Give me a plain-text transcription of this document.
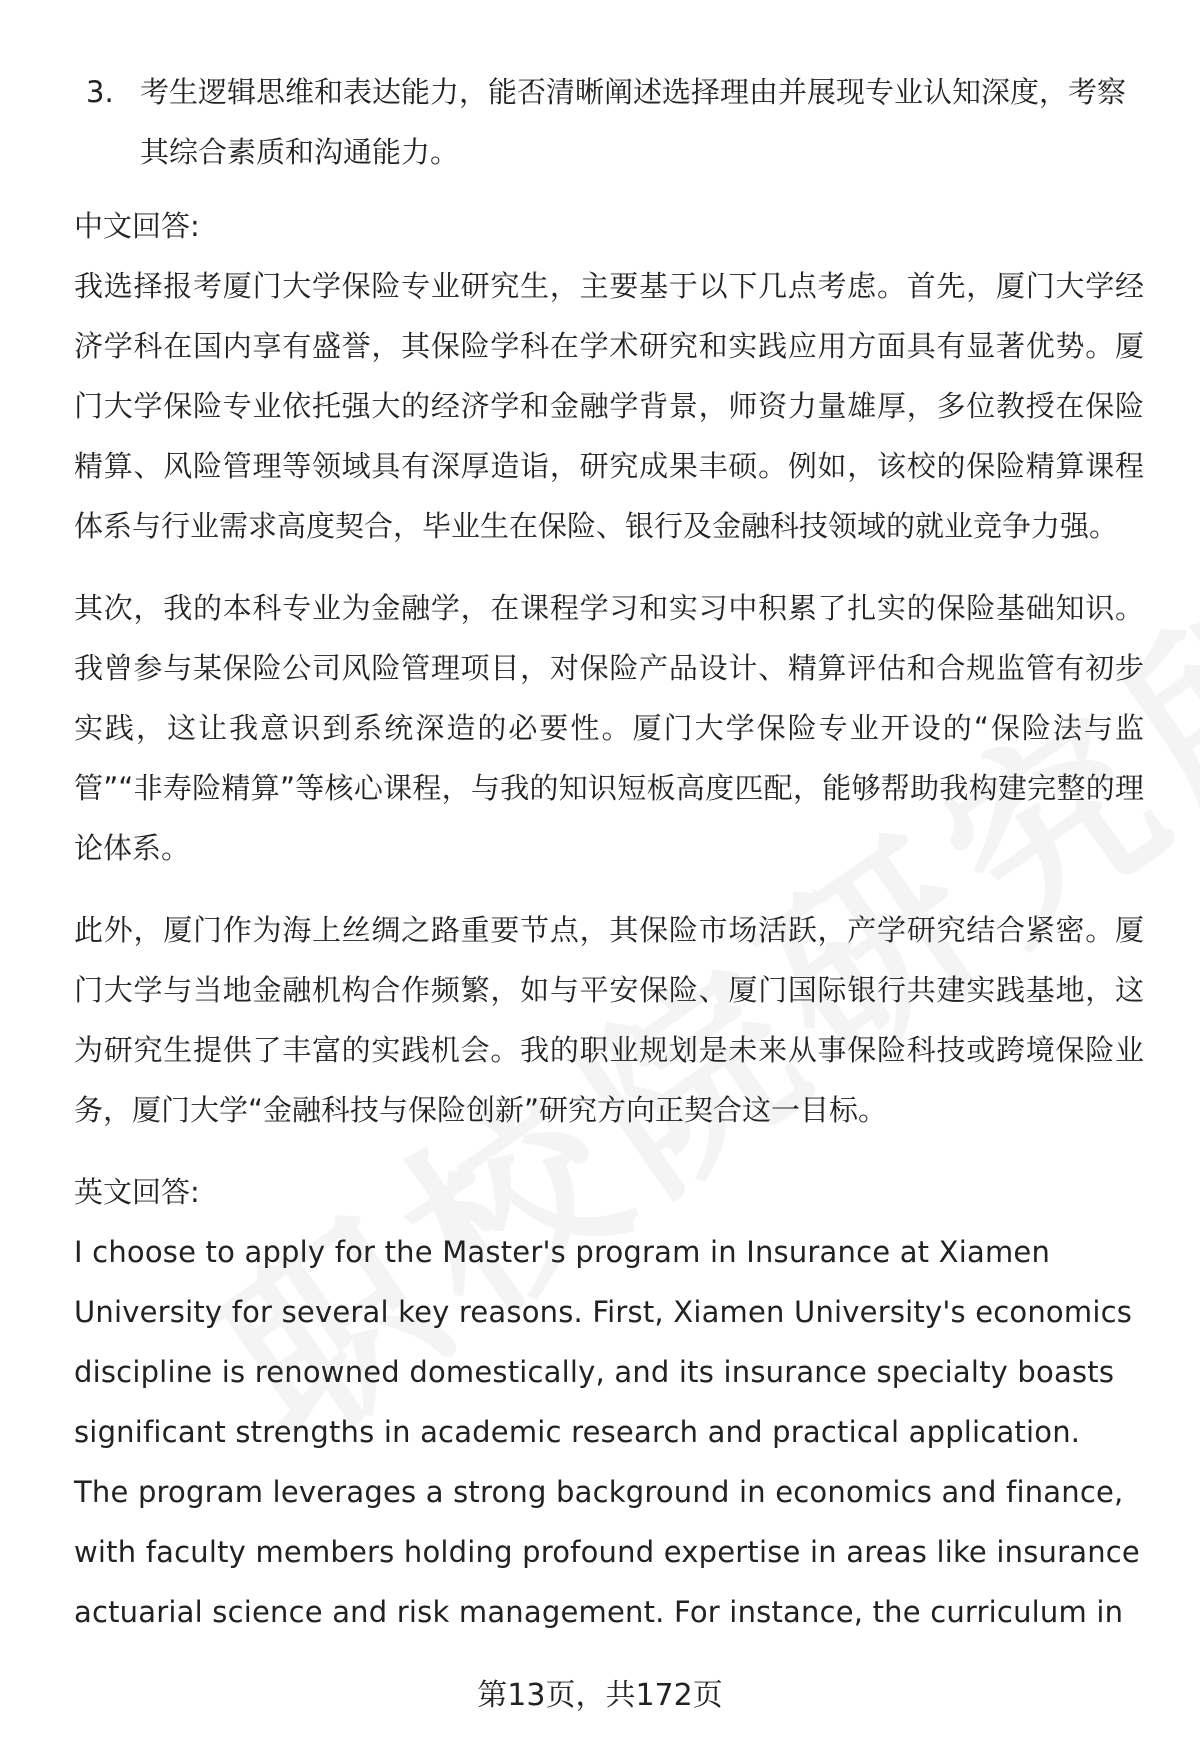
3. 考生逻辑思维和表达能力，能否清晰阐述选择理由并展现专业认知深度，考察其综合素质和沟通能力。
中文回答:

我选择报考厦门大学保险专业研究生，主要基于以下几点考虑。首先，厦门大学经济学科在国内享有盛誉，其保险学科在学术研究和实践应用方面具有显著优势。厦门大学保险专业依托强大的经济学和金融学背景，师资力量雄厚，多位教授在保险精算、风险管理等领域具有深厚造诣，研究成果丰硕。例如，该校的保险精算课程体系与行业需求高度契合，毕业生在保险、银行及金融科技领域的就业竞争力强。

其次，我的本科专业为金融学，在课程学习和实习中积累了扎实的保险基础知识。我曾参与某保险公司风险管理项目，对保险产品设计、精算评估和合规监管有初步实践，这让我意识到系统深造的必要性。厦门大学保险专业开设的“保险法与监管”“非寿险精算”等核心课程，与我的知识短板高度匹配，能够帮助我构建完整的理论体系。

此外，厦门作为海上丝绸之路重要节点，其保险市场活跃，产学研究结合紧密。厦门大学与当地金融机构合作频繁，如与平安保险、厦门国际银行共建实践基地，这为研究生提供了丰富的实践机会。我的职业规划是未来从事保险科技或跨境保险业务，厦门大学“金融科技与保险创新”研究方向正契合这一目标。

英文回答:

I choose to apply for the Master's program in Insurance at Xiamen University for several key reasons. First, Xiamen University's economics discipline is renowned domestically, and its insurance specialty boasts significant strengths in academic research and practical application. The program leverages a strong background in economics and finance, with faculty members holding profound expertise in areas like insurance actuarial science and risk management. For instance, the curriculum in

第13页，共172页
